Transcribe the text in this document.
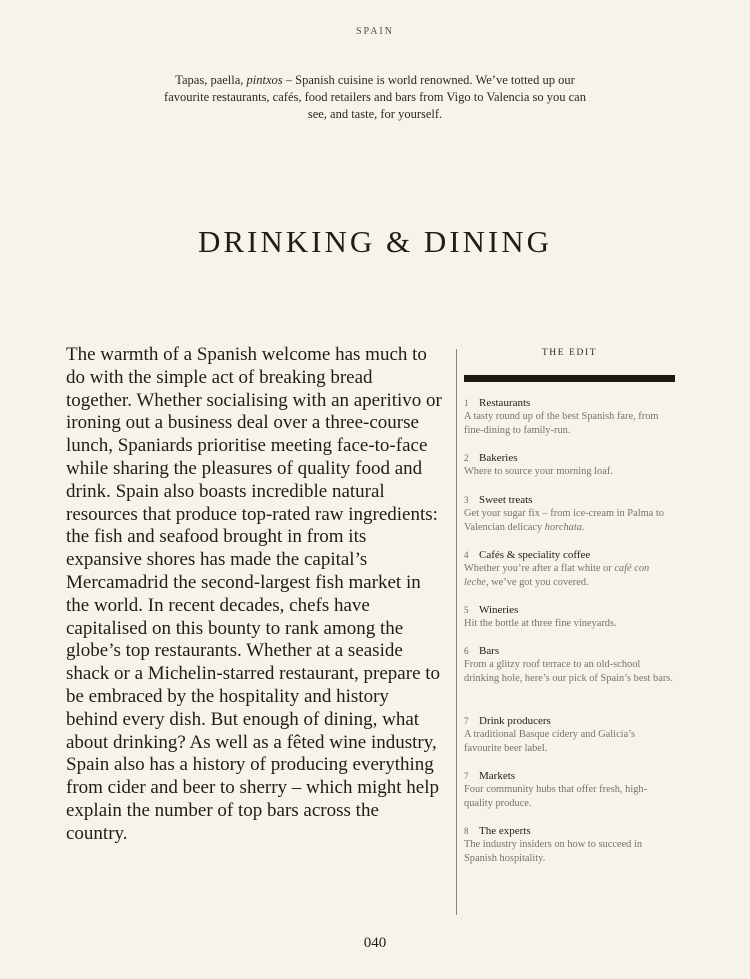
SPAIN
Tapas, paella, pintxos – Spanish cuisine is world renowned. We’ve totted up our favourite restaurants, cafés, food retailers and bars from Vigo to Valencia so you can see, and taste, for yourself.
DRINKING & DINING

The warmth of a Spanish welcome has much to do with the simple act of breaking bread together. Whether socialising with an aperitivo or ironing out a business deal over a three-course lunch, Spaniards prioritise meeting face-to-face while sharing the pleasures of quality food and drink. Spain also boasts incredible natural resources that produce top-rated raw ingredients: the fish and seafood brought in from its expansive shores has made the capital’s Mercamadrid the second-largest fish market in the world. In recent decades, chefs have capitalised on this bounty to rank among the globe’s top restaurants. Whether at a seaside shack or a Michelin-starred restaurant, prepare to be embraced by the hospitality and history behind every dish. But enough of dining, what about drinking? As well as a fêted wine industry, Spain also has a history of producing everything from cider and beer to sherry – which might help explain the number of top bars across the country.

THE EDIT
1 Restaurants
A tasty round up of the best Spanish fare, from fine-dining to family-run.
2 Bakeries
Where to source your morning loaf.
3 Sweet treats
Get your sugar fix – from ice-cream in Palma to Valencian delicacy horchata.
4 Cafés & speciality coffee
Whether you’re after a flat white or café con leche, we’ve got you covered.
5 Wineries
Hit the bottle at three fine vineyards.
6 Bars
From a glitzy roof terrace to an old-school drinking hole, here’s our pick of Spain’s best bars.
7 Drink producers
A traditional Basque cidery and Galicia’s favourite beer label.
7 Markets
Four community hubs that offer fresh, high-quality produce.
8 The experts
The industry insiders on how to succeed in Spanish hospitality.
040
